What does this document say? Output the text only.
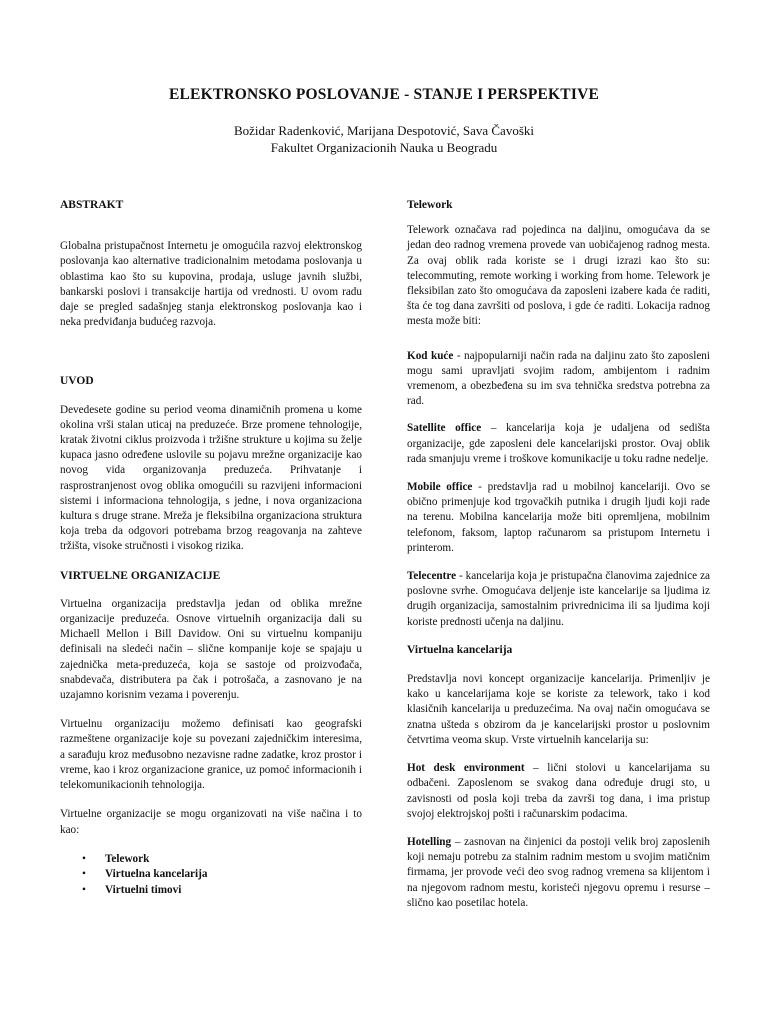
ELEKTRONSKO POSLOVANJE - STANJE I PERSPEKTIVE
Božidar Radenković, Marijana Despotović, Sava Čavoški
Fakultet Organizacionih Nauka u Beogradu

ABSTRAKT

Globalna pristupačnost Internetu je omogućila razvoj elektronskog poslovanja kao alternative tradicionalnim metodama poslovanja u oblastima kao što su kupovina, prodaja, usluge javnih službi, bankarski poslovi i transakcije hartija od vrednosti. U ovom radu daje se pregled sadašnjeg stanja elektronskog poslovanja kao i neka predviđanja budućeg razvoja.

UVOD

Devedesete godine su period veoma dinamičnih promena u kome okolina vrši stalan uticaj na preduzeće. Brze promene tehnologije, kratak životni ciklus proizvoda i tržišne strukture u kojima su želje kupaca jasno određene uslovile su pojavu mrežne organizacije kao novog vida organizovanja preduzeća. Prihvatanje i rasprostranjenost ovog oblika omogućili su razvijeni informacioni sistemi i informaciona tehnologija, s jedne, i nova organizaciona kultura s druge strane. Mreža je fleksibilna organizaciona struktura koja treba da odgovori potrebama brzog reagovanja na zahteve tržišta, visoke stručnosti i visokog rizika.

VIRTUELNE ORGANIZACIJE

Virtuelna organizacija predstavlja jedan od oblika mrežne organizacije preduzeća. Osnove virtuelnih organizacija dali su Michaell Mellon i Bill Davidow. Oni su virtuelnu kompaniju definisali na sledeći način – slične kompanije koje se spajaju u zajednička meta-preduzeća, koja se sastoje od proizvođača, snabdevača, distributera pa čak i potrošača, a zasnovano je na uzajamno korisnim vezama i poverenju.

Virtuelnu organizaciju možemo definisati kao geografski razmeštene organizacije koje su povezani zajedničkim interesima, a sarađuju kroz međusobno nezavisne radne zadatke, kroz prostor i vreme, kao i kroz organizacione granice, uz pomoć informacionih i telekomunikacionih tehnologija.

Virtuelne organizacije se mogu organizovati na više načina i to kao:

• Telework
• Virtuelna kancelarija
• Virtuelni timovi

Telework

Telework označava rad pojedinca na daljinu, omogućava da se jedan deo radnog vremena provede van uobičajenog radnog mesta. Za ovaj oblik rada koriste se i drugi izrazi kao što su: telecommuting, remote working i working from home. Telework je fleksibilan zato što omogućava da zaposleni izabere kada će raditi, šta će tog dana završiti od poslova, i gde će raditi. Lokacija radnog mesta može biti:

Kod kuće - najpopularniji način rada na daljinu zato što zaposleni mogu sami upravljati svojim radom, ambijentom i radnim vremenom, a obezbeđena su im sva tehnička sredstva potrebna za rad.

Satellite office – kancelarija koja je udaljena od sedišta organizacije, gde zaposleni dele kancelarijski prostor. Ovaj oblik rada smanjuju vreme i troškove komunikacije u toku radne nedelje.

Mobile office - predstavlja rad u mobilnoj kancelariji. Ovo se obično primenjuje kod trgovačkih putnika i drugih ljudi koji rade na terenu. Mobilna kancelarija može biti opremljena, mobilnim telefonom, faksom, laptop računarom sa pristupom Internetu i printerom.

Telecentre - kancelarija koja je pristupačna članovima zajednice za poslovne svrhe. Omogućava deljenje iste kancelarije sa ljudima iz drugih organizacija, samostalnim privrednicima ili sa ljudima koji koriste prednosti učenja na daljinu.

Virtuelna kancelarija

Predstavlja novi koncept organizacije kancelarija. Primenljiv je kako u kancelarijama koje se koriste za telework, tako i kod klasičnih kancelarija u preduzećima. Na ovaj način omogućava se znatna ušteda s obzirom da je kancelarijski prostor u poslovnim četvrtima veoma skup. Vrste virtuelnih kancelarija su:

Hot desk environment – lični stolovi u kancelarijama su odbačeni. Zaposlenom se svakog dana određuje drugi sto, u zavisnosti od posla koji treba da završi tog dana, i ima pristup svojoj elektrojskoj pošti i računarskim podacima.

Hotelling – zasnovan na činjenici da postoji velik broj zaposlenih koji nemaju potrebu za stalnim radnim mestom u svojim matičnim firmama, jer provode veći deo svog radnog vremena sa klijentom i na njegovom radnom mestu, koristeći njegovu opremu i resurse – slično kao posetilac hotela.
